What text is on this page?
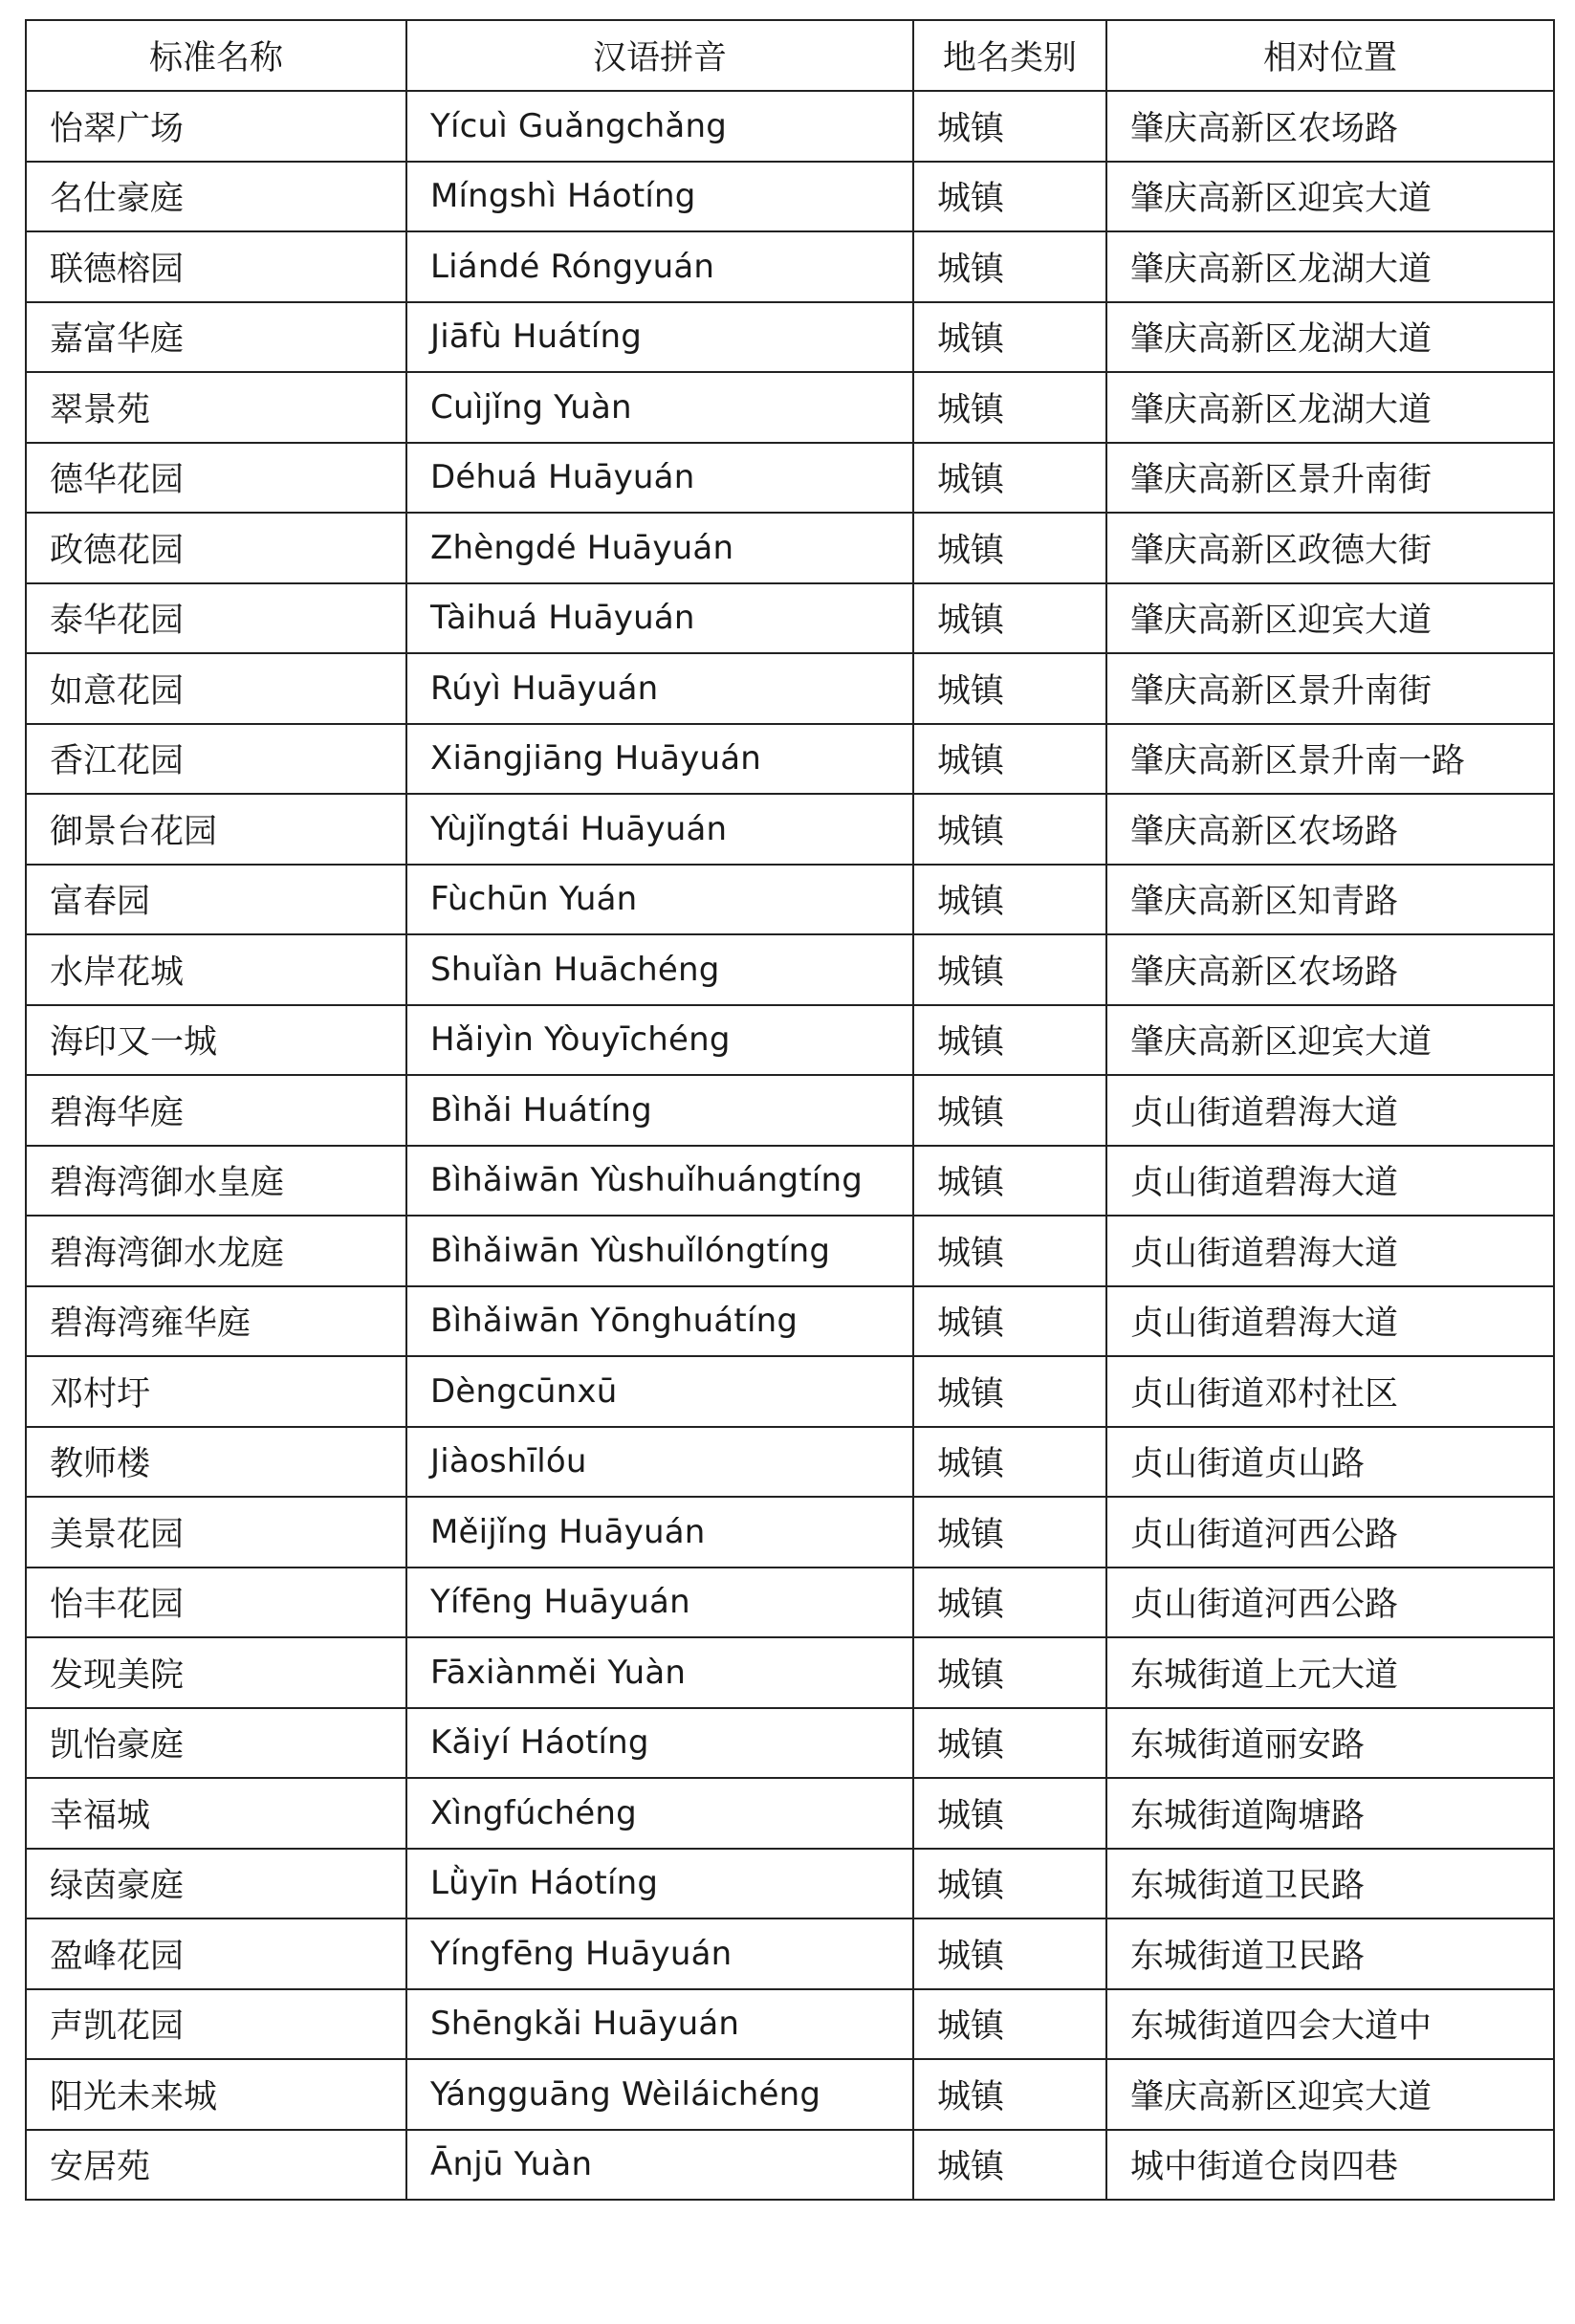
标准名称	汉语拼音	地名类别	相对位置
怡翠广场	Yícuì Guǎngchǎng	城镇	肇庆高新区农场路
名仕豪庭	Míngshì Háotíng	城镇	肇庆高新区迎宾大道
联德榕园	Liándé Róngyuán	城镇	肇庆高新区龙湖大道
嘉富华庭	Jiāfù Huátíng	城镇	肇庆高新区龙湖大道
翠景苑	Cuìjǐng Yuàn	城镇	肇庆高新区龙湖大道
德华花园	Déhuá Huāyuán	城镇	肇庆高新区景升南街
政德花园	Zhèngdé Huāyuán	城镇	肇庆高新区政德大街
泰华花园	Tàihuá Huāyuán	城镇	肇庆高新区迎宾大道
如意花园	Rúyì Huāyuán	城镇	肇庆高新区景升南街
香江花园	Xiāngjiāng Huāyuán	城镇	肇庆高新区景升南一路
御景台花园	Yùjǐngtái Huāyuán	城镇	肇庆高新区农场路
富春园	Fùchūn Yuán	城镇	肇庆高新区知青路
水岸花城	Shuǐàn Huāchéng	城镇	肇庆高新区农场路
海印又一城	Hǎiyìn Yòuyīchéng	城镇	肇庆高新区迎宾大道
碧海华庭	Bìhǎi Huátíng	城镇	贞山街道碧海大道
碧海湾御水皇庭	Bìhǎiwān Yùshuǐhuángtíng	城镇	贞山街道碧海大道
碧海湾御水龙庭	Bìhǎiwān Yùshuǐlóngtíng	城镇	贞山街道碧海大道
碧海湾雍华庭	Bìhǎiwān Yōnghuátíng	城镇	贞山街道碧海大道
邓村圩	Dèngcūnxū	城镇	贞山街道邓村社区
教师楼	Jiàoshīlóu	城镇	贞山街道贞山路
美景花园	Měijǐng Huāyuán	城镇	贞山街道河西公路
怡丰花园	Yífēng Huāyuán	城镇	贞山街道河西公路
发现美院	Fāxiànměi Yuàn	城镇	东城街道上元大道
凯怡豪庭	Kǎiyí Háotíng	城镇	东城街道丽安路
幸福城	Xìngfúchéng	城镇	东城街道陶塘路
绿茵豪庭	Lǜyīn Háotíng	城镇	东城街道卫民路
盈峰花园	Yíngfēng Huāyuán	城镇	东城街道卫民路
声凯花园	Shēngkǎi Huāyuán	城镇	东城街道四会大道中
阳光未来城	Yángguāng Wèiláichéng	城镇	肇庆高新区迎宾大道
安居苑	Ānjū Yuàn	城镇	城中街道仓岗四巷
